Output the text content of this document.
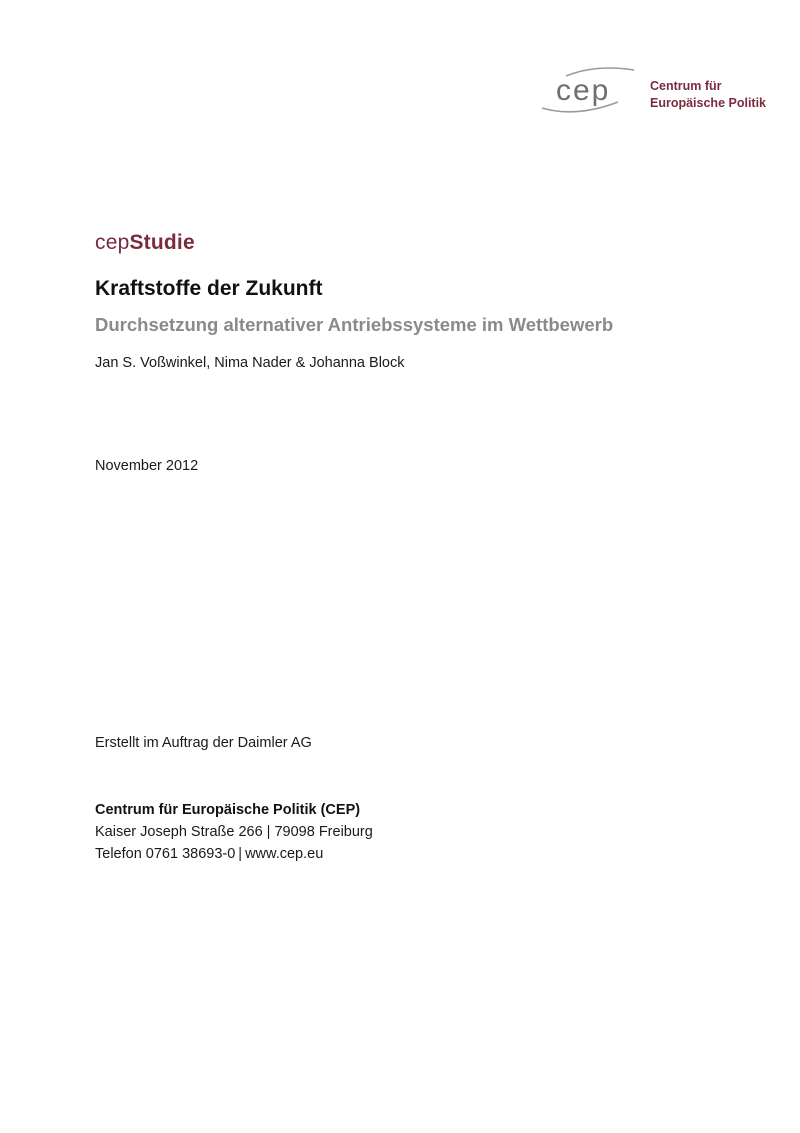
cep	Centrum für
Europäische Politik
cepStudie
Kraftstoffe der Zukunft
Durchsetzung alternativer Antriebssysteme im Wettbewerb
Jan S. Voßwinkel, Nima Nader & Johanna Block
November 2012
Erstellt im Auftrag der Daimler AG
Centrum für Europäische Politik (CEP)
Kaiser Joseph Straße 266 | 79098 Freiburg
Telefon 0761 38693-0 | www.cep.eu
